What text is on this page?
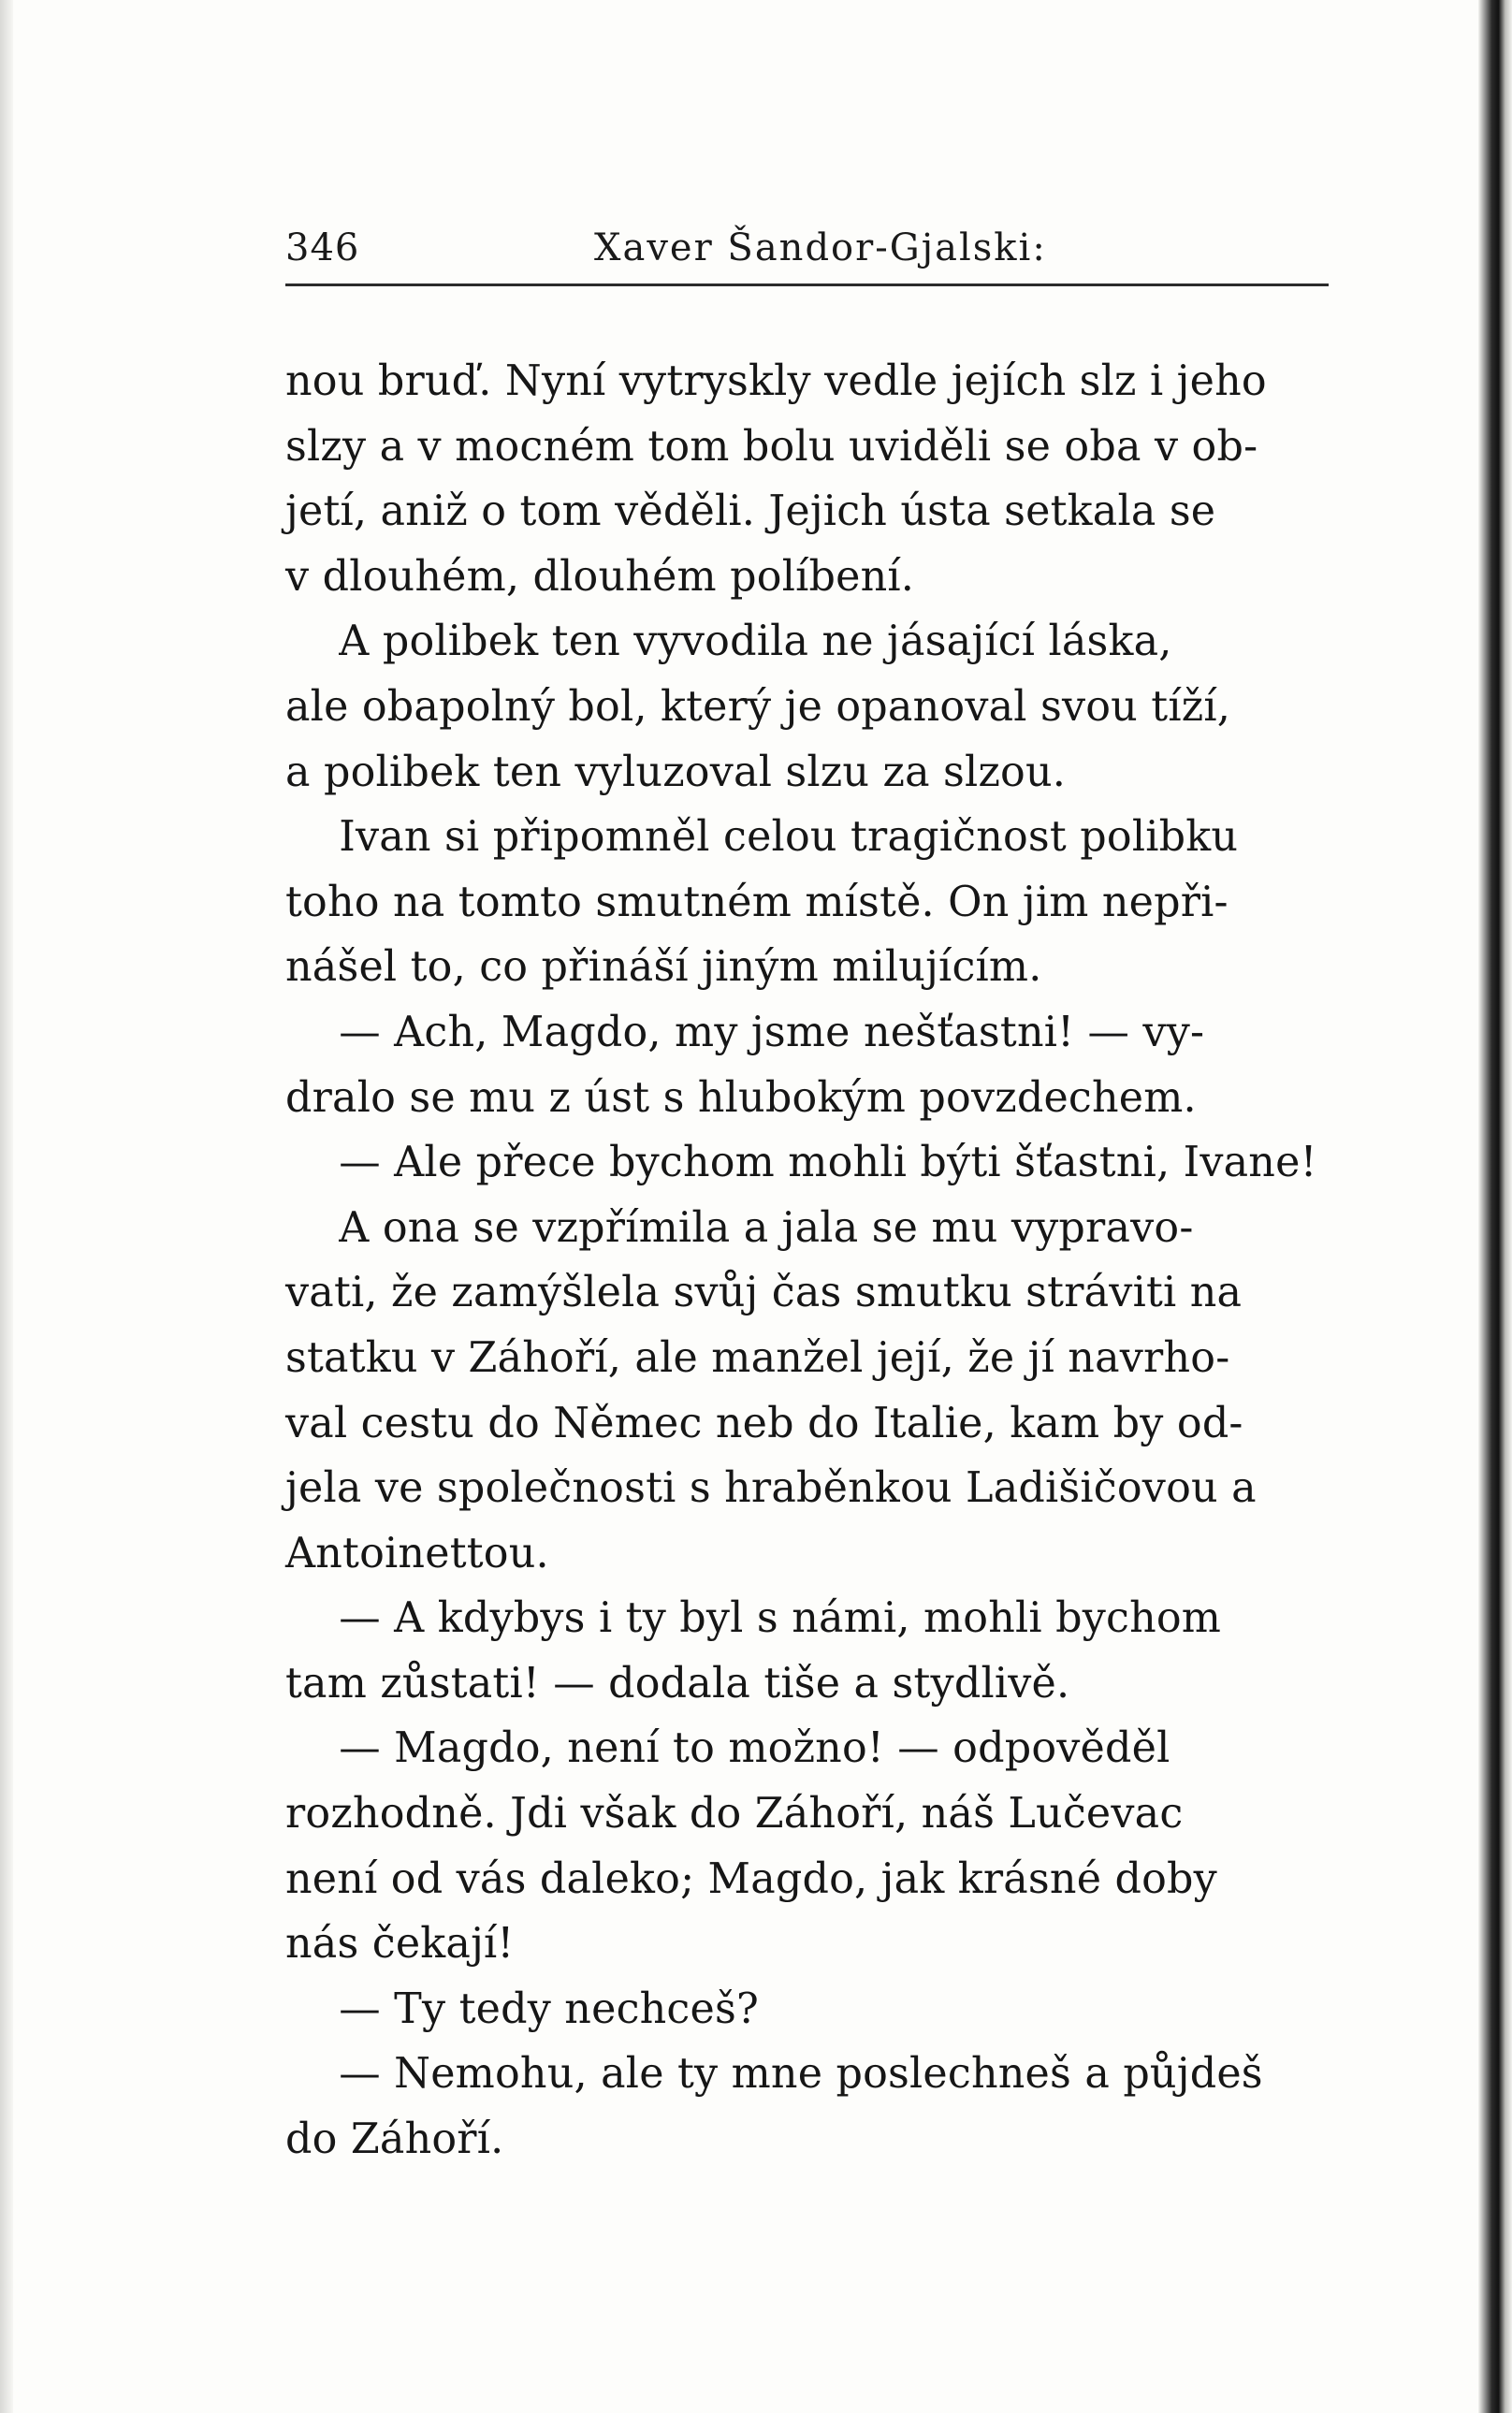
346	Xaver Šandor-Gjalski:
nou bruď. Nyní vytryskly vedle jejích slz i jeho
slzy a v mocném tom bolu uviděli se oba v ob-
jetí, aniž o tom věděli. Jejich ústa setkala se
v dlouhém, dlouhém políbení.
A polibek ten vyvodila ne jásající láska,
ale obapolný bol, který je opanoval svou tíží,
a polibek ten vyluzoval slzu za slzou.
Ivan si připomněl celou tragičnost polibku
toho na tomto smutném místě. On jim nepři-
nášel to, co přináší jiným milujícím.
— Ach, Magdo, my jsme nešťastni! — vy-
dralo se mu z úst s hlubokým povzdechem.
— Ale přece bychom mohli býti šťastni, Ivane!
A ona se vzpřímila a jala se mu vypravo-
vati, že zamýšlela svůj čas smutku stráviti na
statku v Záhoří, ale manžel její, že jí navrho-
val cestu do Němec neb do Italie, kam by od-
jela ve společnosti s hraběnkou Ladišičovou a
Antoinettou.
— A kdybys i ty byl s námi, mohli bychom
tam zůstati! — dodala tiše a stydlivě.
— Magdo, není to možno! — odpověděl
rozhodně. Jdi však do Záhoří, náš Lučevac
není od vás daleko; Magdo, jak krásné doby
nás čekají!
— Ty tedy nechceš?
— Nemohu, ale ty mne poslechneš a půjdeš
do Záhoří.
